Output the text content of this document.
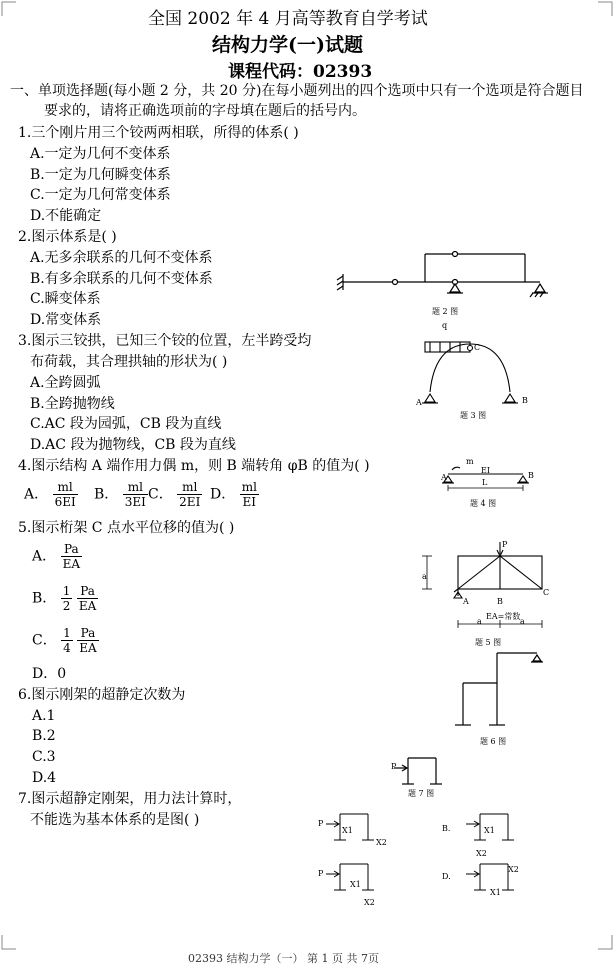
全国 2002 年 4 月高等教育自学考试
结构力学(一)试题
课程代码：02393
一、单项选择题(每小题 2 分，共 20 分)在每小题列出的四个选项中只有一个选项是符合题目
要求的，请将正确选项前的字母填在题后的括号内。
1.三个刚片用三个铰两两相联，所得的体系( )
A.一定为几何不变体系
B.一定为几何瞬变体系
C.一定为几何常变体系
D.不能确定
2.图示体系是( )
A.无多余联系的几何不变体系
B.有多余联系的几何不变体系
C.瞬变体系
D.常变体系
题 2 图
3.图示三铰拱，已知三个铰的位置，左半跨受均
布荷载，其合理拱轴的形状为( )
A.全跨圆弧
B.全跨抛物线
C.AC 段为园弧，CB 段为直线
D.AC 段为抛物线，CB 段为直线
q
C
A	B
题 3 图
4.图示结构 A 端作用力偶 m，则 B 端转角 φB 的值为( )
A． $\frac{ml}{6EI}$ B． $\frac{ml}{3EI}$ C． $\frac{ml}{2EI}$ D． $\frac{ml}{EI}$
m
EI
L
A	B
题 4 图
5.图示桁架 C 点水平位移的值为( )
A． $\frac{Pa}{EA}$
B． $\frac{1}{2}$
$\frac{Pa}{EA}$
C． $\frac{1}{4}$
$\frac{Pa}{EA}$
D．0
P
A	B
C
EA=常数
a
a	a
题 5 图
6.图示刚架的超静定次数为
A.1
B.2
C.3
D.4
题 6 图
P
题 7 图
7.图示超静定刚架，用力法计算时，
不能选为基本体系的是图( )	P
P
B.
D.
X1
X2
X1
X2
X1
X2
X1
X2
02393 结构力学（一） 第 1 页 共 7页
